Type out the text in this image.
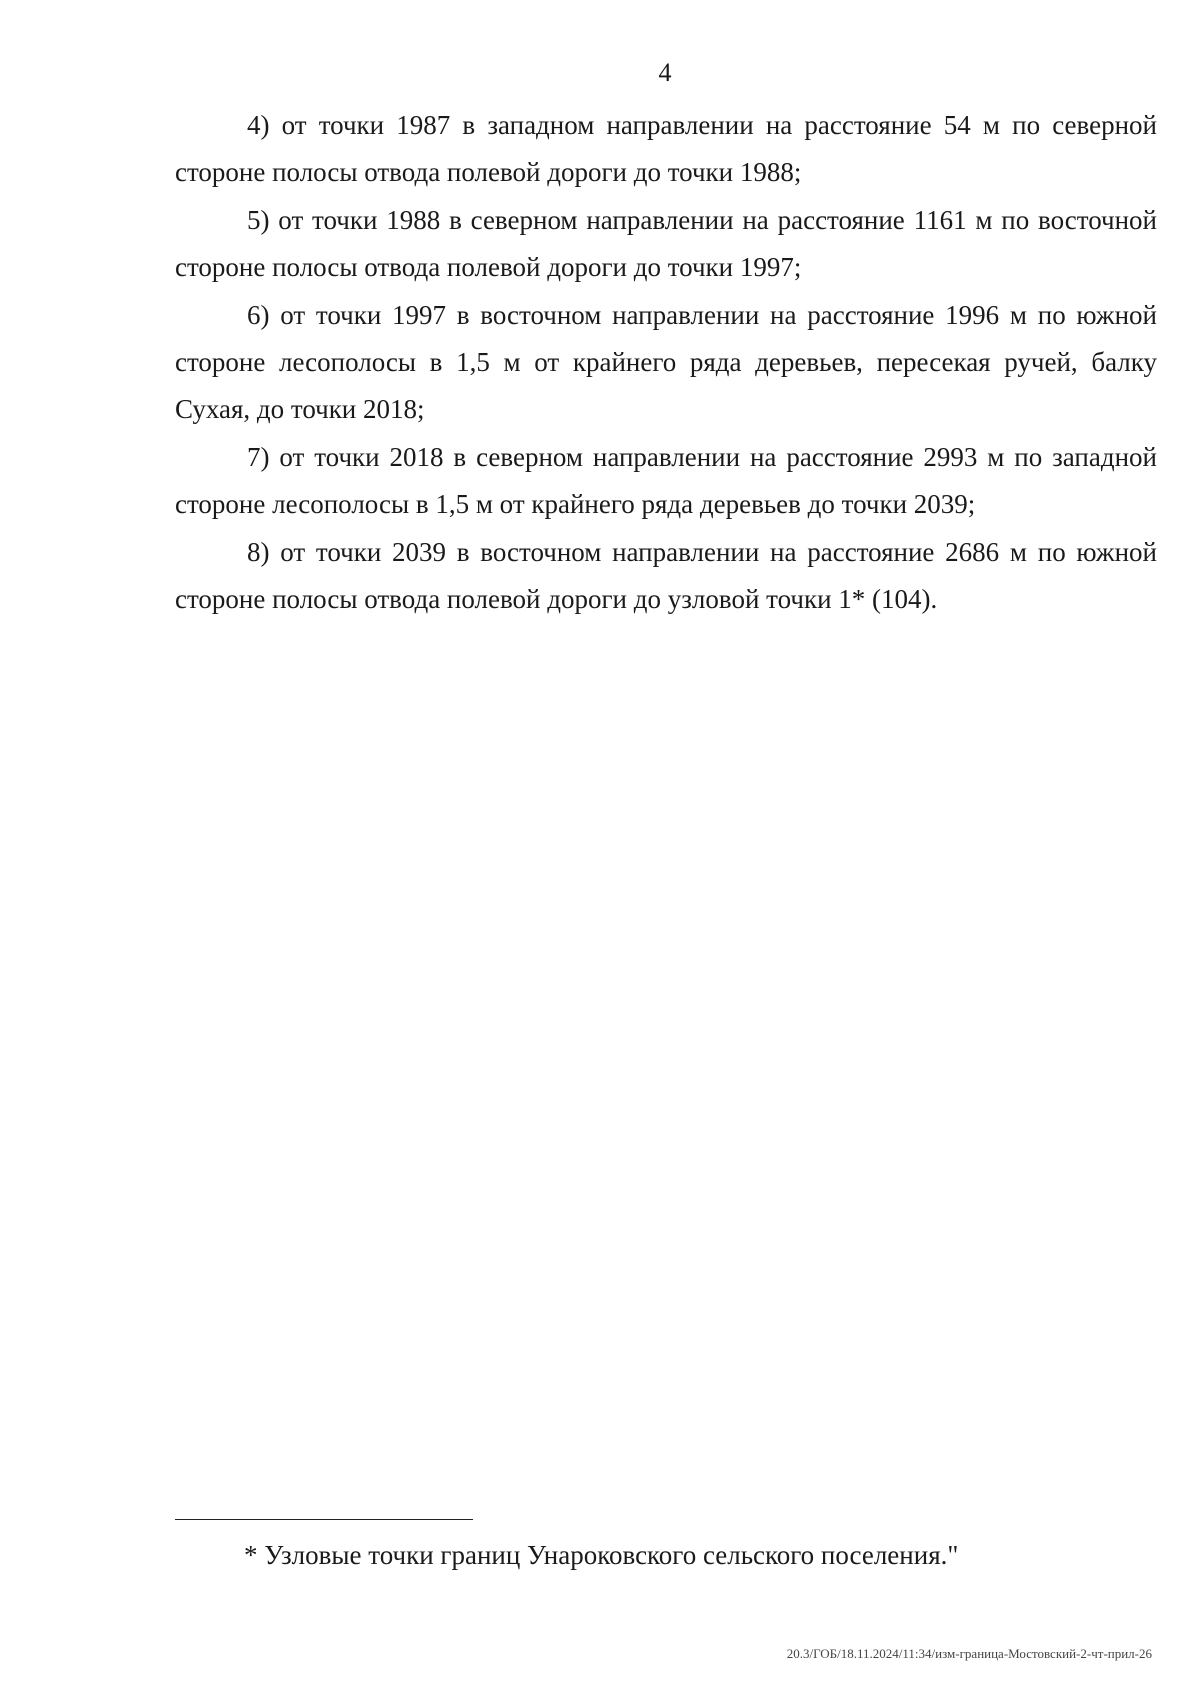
4

4) от точки 1987 в западном направлении на расстояние 54 м по северной стороне полосы отвода полевой дороги до точки 1988;

5) от точки 1988 в северном направлении на расстояние 1161 м по восточной стороне полосы отвода полевой дороги до точки 1997;

6) от точки 1997 в восточном направлении на расстояние 1996 м по южной стороне лесополосы в 1,5 м от крайнего ряда деревьев, пересекая ручей, балку Сухая, до точки 2018;

7) от точки 2018 в северном направлении на расстояние 2993 м по западной стороне лесополосы в 1,5 м от крайнего ряда деревьев до точки 2039;

8) от точки 2039 в восточном направлении на расстояние 2686 м по южной стороне полосы отвода полевой дороги до узловой точки 1* (104).

* Узловые точки границ Унароковского сельского поселения."
20.3/ГОБ/18.11.2024/11:34/изм-граница-Мостовский-2-чт-прил-26
